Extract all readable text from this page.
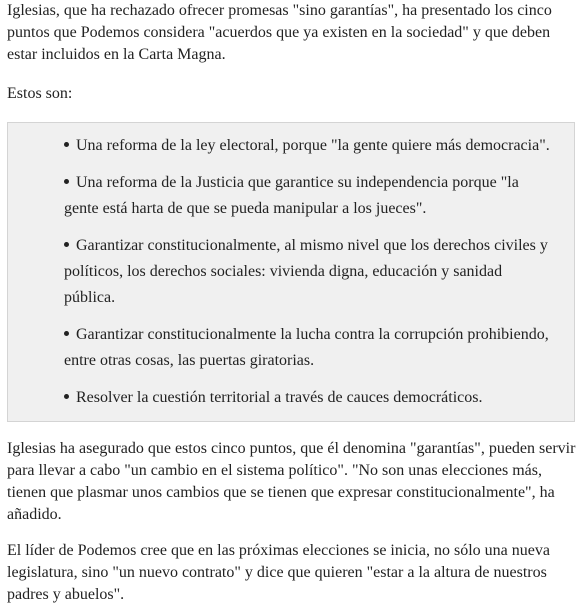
Iglesias, que ha rechazado ofrecer promesas "sino garantías", ha presentado los cinco puntos que Podemos considera "acuerdos que ya existen en la sociedad" y que deben estar incluidos en la Carta Magna.

Estos son:

Una reforma de la ley electoral, porque "la gente quiere más democracia".
Una reforma de la Justicia que garantice su independencia porque "la gente está harta de que se pueda manipular a los jueces".
Garantizar constitucionalmente, al mismo nivel que los derechos civiles y políticos, los derechos sociales: vivienda digna, educación y sanidad pública.
Garantizar constitucionalmente la lucha contra la corrupción prohibiendo, entre otras cosas, las puertas giratorias.
Resolver la cuestión territorial a través de cauces democráticos.

Iglesias ha asegurado que estos cinco puntos, que él denomina "garantías", pueden servir para llevar a cabo "un cambio en el sistema político". "No son unas elecciones más, tienen que plasmar unos cambios que se tienen que expresar constitucionalmente", ha añadido.

El líder de Podemos cree que en las próximas elecciones se inicia, no sólo una nueva legislatura, sino "un nuevo contrato" y dice que quieren "estar a la altura de nuestros padres y abuelos".
